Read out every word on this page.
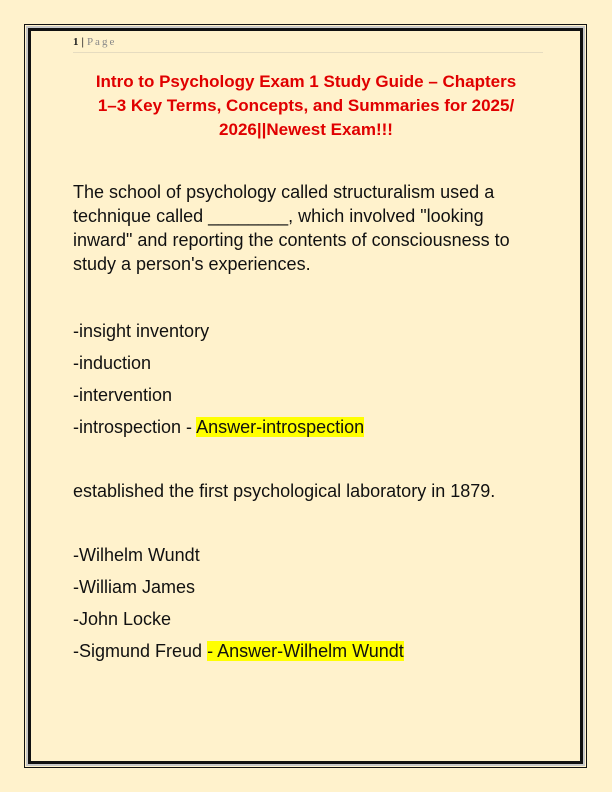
1 | Page
Intro to Psychology Exam 1 Study Guide – Chapters
1–3 Key Terms, Concepts, and Summaries for 2025/
2026||Newest Exam!!!
The school of psychology called structuralism used a
technique called ________, which involved "looking
inward" and reporting the contents of consciousness to
study a person's experiences.
-insight inventory
-induction
-intervention
-introspection - Answer-introspection
established the first psychological laboratory in 1879.
-Wilhelm Wundt
-William James
-John Locke
-Sigmund Freud - Answer-Wilhelm Wundt
